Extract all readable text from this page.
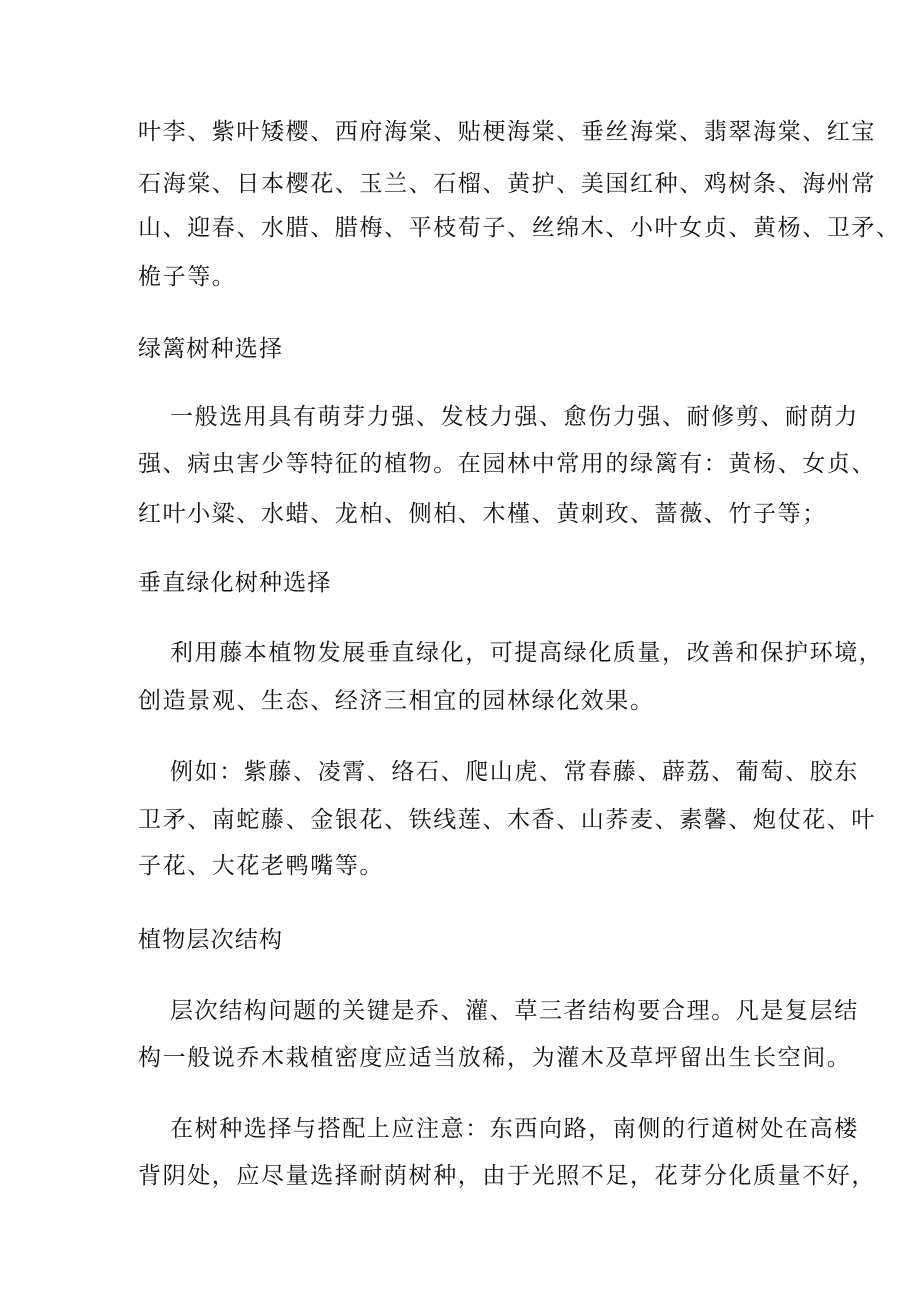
叶李、紫叶矮樱、西府海棠、贴梗海棠、垂丝海棠、翡翠海棠、红宝
石海棠、日本樱花、玉兰、石榴、黄护、美国红种、鸡树条、海州常
山、迎春、水腊、腊梅、平枝荀子、丝绵木、小叶女贞、黄杨、卫矛、
桅子等。
绿篱树种选择
一般选用具有萌芽力强、发枝力强、愈伤力强、耐修剪、耐荫力
强、病虫害少等特征的植物。在园林中常用的绿篱有：黄杨、女贞、
红叶小粱、水蜡、龙柏、侧柏、木槿、黄刺玫、蔷薇、竹子等；
垂直绿化树种选择
利用藤本植物发展垂直绿化，可提高绿化质量，改善和保护环境，
创造景观、生态、经济三相宜的园林绿化效果。
例如：紫藤、凌霄、络石、爬山虎、常春藤、薜荔、葡萄、胶东
卫矛、南蛇藤、金银花、铁线莲、木香、山荞麦、素馨、炮仗花、叶
子花、大花老鸭嘴等。
植物层次结构
层次结构问题的关键是乔、灌、草三者结构要合理。凡是复层结
构一般说乔木栽植密度应适当放稀，为灌木及草坪留出生长空间。
在树种选择与搭配上应注意：东西向路，南侧的行道树处在高楼
背阴处，应尽量选择耐荫树种，由于光照不足，花芽分化质量不好，
